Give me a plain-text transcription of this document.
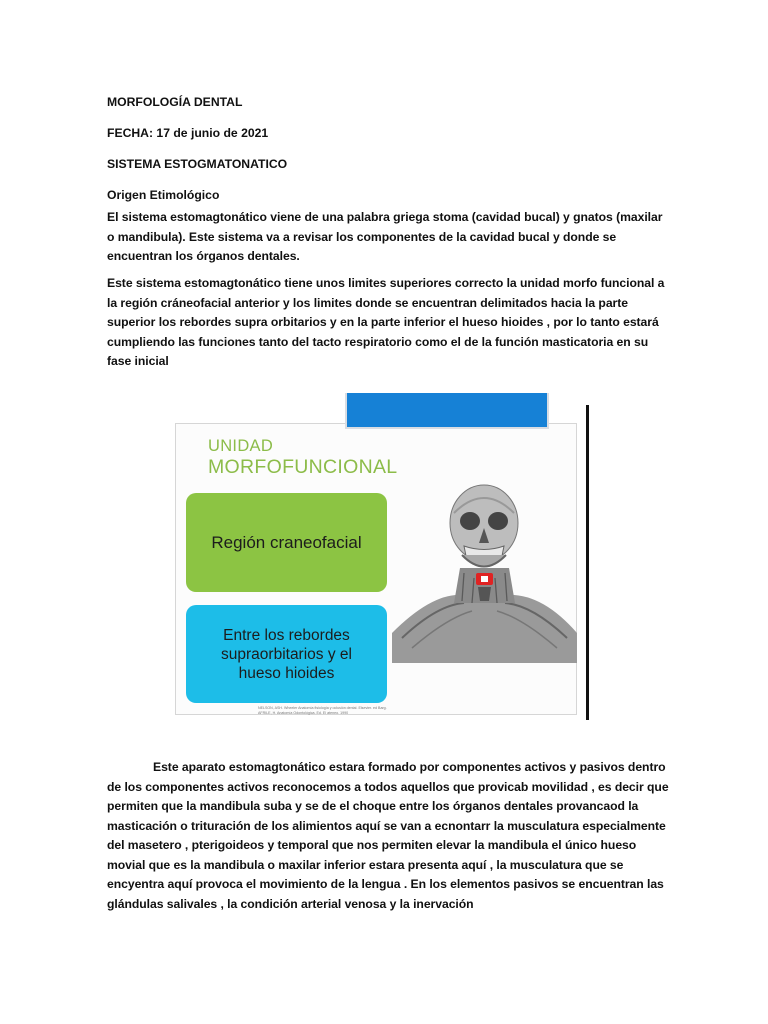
MORFOLOGÍA DENTAL
FECHA: 17 de junio de 2021
SISTEMA ESTOGMATONATICO
Origen Etimológico
El sistema estomagtonático viene de una palabra griega stoma (cavidad bucal) y gnatos (maxilar o mandibula). Este sistema va a revisar los componentes de la cavidad bucal y donde se encuentran los órganos dentales.
Este sistema estomagtonático tiene unos limites superiores correcto la unidad morfo funcional a la región cráneofacial anterior y los limites donde se encuentran delimitados hacia la parte superior los rebordes supra orbitarios y en la parte inferior el hueso hioides , por lo tanto estará cumpliendo las funciones tanto del tacto respiratorio como el de la función masticatoria en su fase inicial
UNIDAD
MORFOFUNCIONAL
Región craneofacial
Entre los rebordes
supraorbitarios y el
hueso hioides
NELSON, ASH. Wheeler Anatomía fisiología y oclusión dental. Elsevier. ed Barg.
AFRILE, H. Anatomía Odontológica. Ed. El ateneo. 1990
Este aparato estomagtonático estara formado por componentes activos y pasivos dentro de los componentes activos reconocemos a todos aquellos que provicab movilidad , es decir que permiten que la mandibula suba y se de el choque entre los órganos dentales provancaod la masticación o trituración de los alimientos aquí se van a ecnontarr la musculatura especialmente del masetero , pterigoideos y temporal que nos permiten elevar la mandibula el único hueso movial que es la mandibula o maxilar inferior estara presenta aquí , la musculatura que se encyentra aquí provoca el movimiento de la lengua . En los elementos pasivos se encuentran las glándulas salivales , la condición arterial venosa y la inervación
